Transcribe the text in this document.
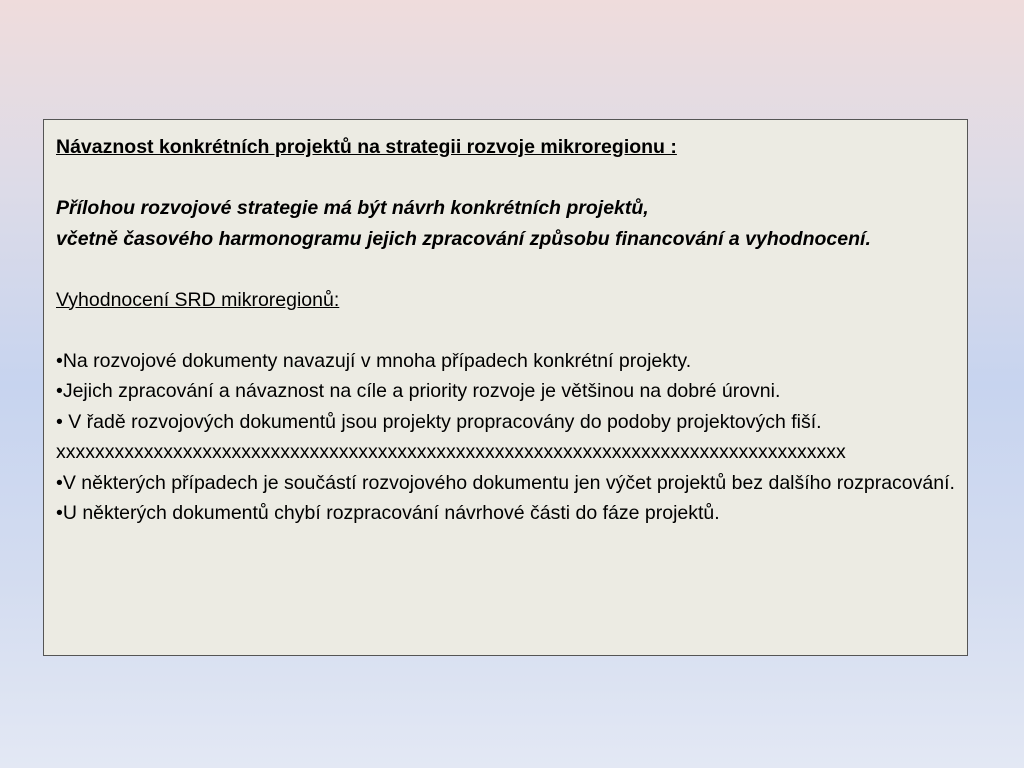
Návaznost konkrétních projektů na strategii rozvoje mikroregionu :
Přílohou rozvojové strategie má být návrh konkrétních projektů,
včetně časového harmonogramu jejich zpracování způsobu financování a vyhodnocení.
Vyhodnocení SRD mikroregionů:
•Na rozvojové dokumenty navazují v mnoha případech konkrétní projekty.
•Jejich zpracování a návaznost na cíle a priority rozvoje je většinou na dobré úrovni.
• V řadě rozvojových dokumentů jsou projekty propracovány do podoby projektových fiší.
xxxxxxxxxxxxxxxxxxxxxxxxxxxxxxxxxxxxxxxxxxxxxxxxxxxxxxxxxxxxxxxxxxxxxxxxxxxxxxxxx
•V některých případech je součástí rozvojového dokumentu jen výčet projektů bez dalšího rozpracování.
•U některých dokumentů chybí rozpracování návrhové části do fáze projektů.
